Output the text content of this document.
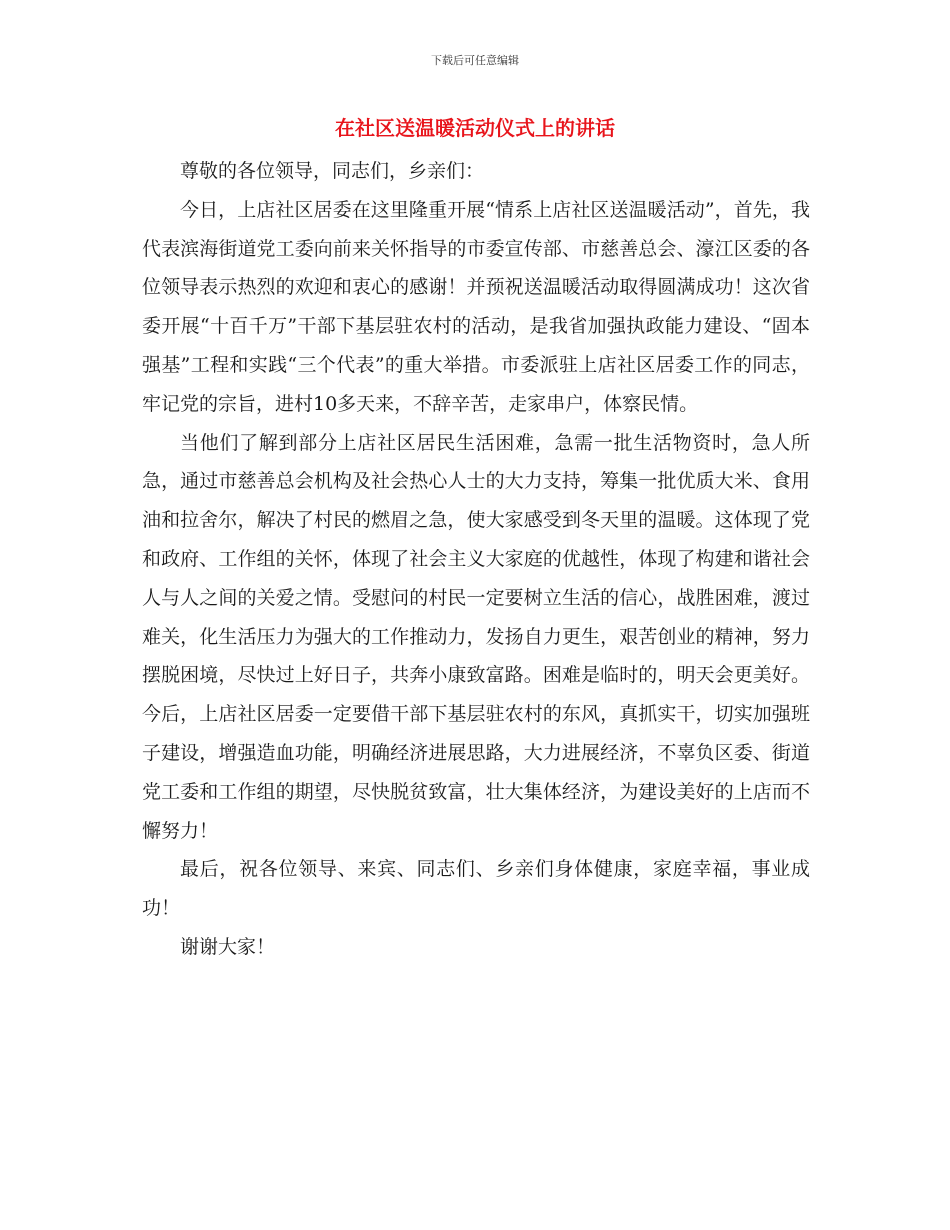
下载后可任意编辑
在社区送温暖活动仪式上的讲话

尊敬的各位领导，同志们，乡亲们：

今日，上店社区居委在这里隆重开展“情系上店社区送温暖活动”，首先，我代表滨海街道党工委向前来关怀指导的市委宣传部、市慈善总会、濠江区委的各位领导表示热烈的欢迎和衷心的感谢！并预祝送温暖活动取得圆满成功！这次省委开展“十百千万”干部下基层驻农村的活动，是我省加强执政能力建设、“固本强基”工程和实践“三个代表”的重大举措。市委派驻上店社区居委工作的同志，牢记党的宗旨，进村10多天来，不辞辛苦，走家串户，体察民情。

当他们了解到部分上店社区居民生活困难，急需一批生活物资时，急人所急，通过市慈善总会机构及社会热心人士的大力支持，筹集一批优质大米、食用油和拉舍尔，解决了村民的燃眉之急，使大家感受到冬天里的温暖。这体现了党和政府、工作组的关怀，体现了社会主义大家庭的优越性，体现了构建和谐社会人与人之间的关爱之情。受慰问的村民一定要树立生活的信心，战胜困难，渡过难关，化生活压力为强大的工作推动力，发扬自力更生，艰苦创业的精神，努力摆脱困境，尽快过上好日子，共奔小康致富路。困难是临时的，明天会更美好。今后，上店社区居委一定要借干部下基层驻农村的东风，真抓实干，切实加强班子建设，增强造血功能，明确经济进展思路，大力进展经济，不辜负区委、街道党工委和工作组的期望，尽快脱贫致富，壮大集体经济，为建设美好的上店而不懈努力！

最后，祝各位领导、来宾、同志们、乡亲们身体健康，家庭幸福，事业成功！

谢谢大家！
